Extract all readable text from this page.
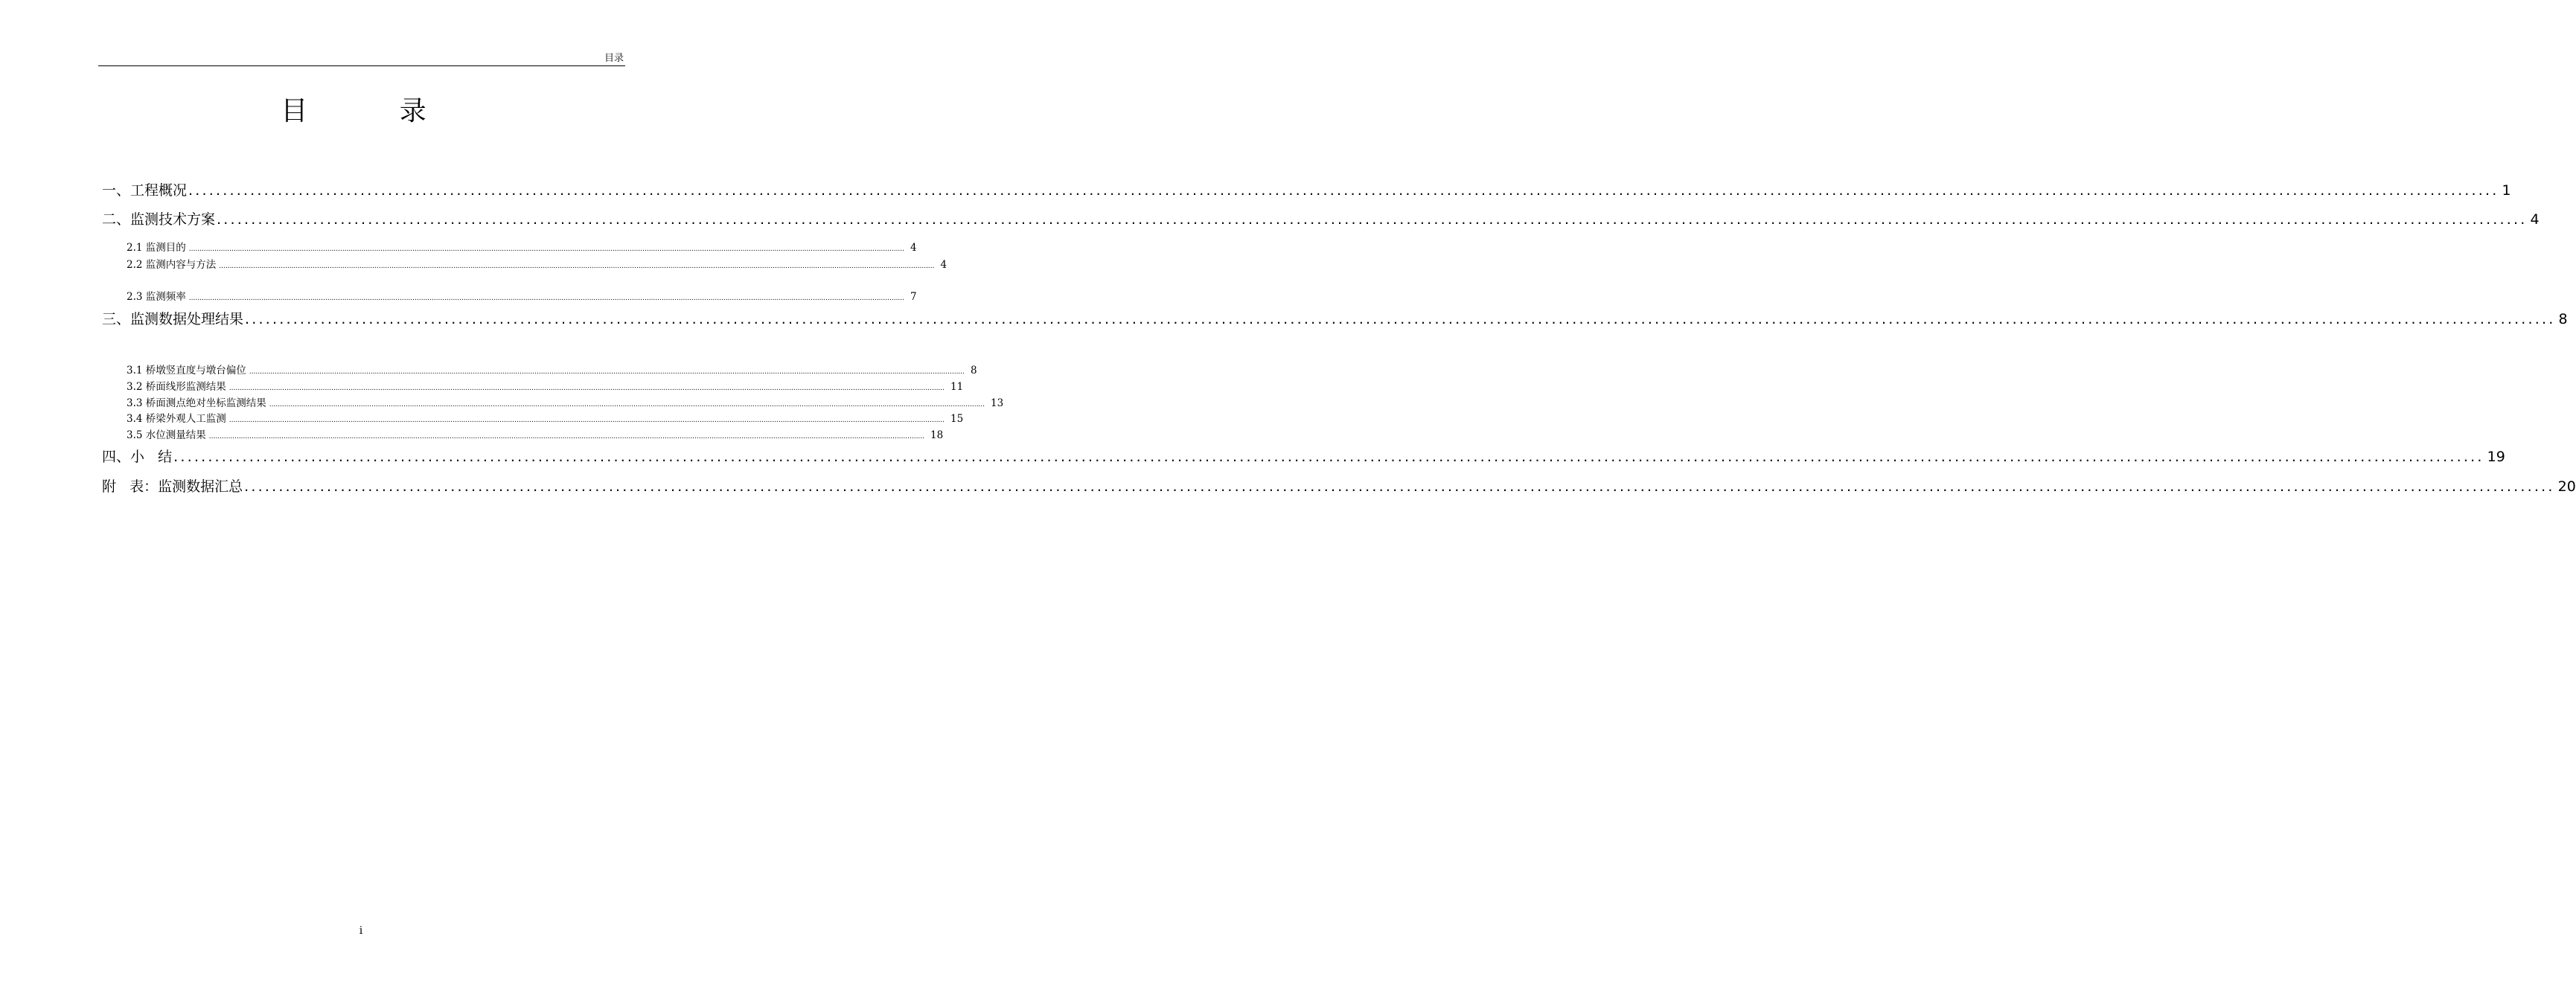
目录
目 录
一、工程概况 ................................................................................................................................................................................................................................................................................................................................................ 1
二、监测技术方案 ................................................................................................................................................................................................................................................................................................................................................ 4
2.1 监测目的 ................................................................................................................................................................................................................................................................................................................................................ 4
2.2 监测内容与方法 ................................................................................................................................................................................................................................................................................................................................................ 4
2.3 监测频率 ................................................................................................................................................................................................................................................................................................................................................ 7
三、监测数据处理结果 ................................................................................................................................................................................................................................................................................................................................................ 8
3.1 桥墩竖直度与墩台偏位 ................................................................................................................................................................................................................................................................................................................................................ 8
3.2 桥面线形监测结果 ................................................................................................................................................................................................................................................................................................................................................ 11
3.3 桥面测点绝对坐标监测结果 ................................................................................................................................................................................................................................................................................................................................................ 13
3.4 桥梁外观人工监测 ................................................................................................................................................................................................................................................................................................................................................ 15
3.5 水位测量结果 ................................................................................................................................................................................................................................................................................................................................................ 18
四、小   结 ................................................................................................................................................................................................................................................................................................................................................ 19
附   表：监测数据汇总 ................................................................................................................................................................................................................................................................................................................................................ 20
i
